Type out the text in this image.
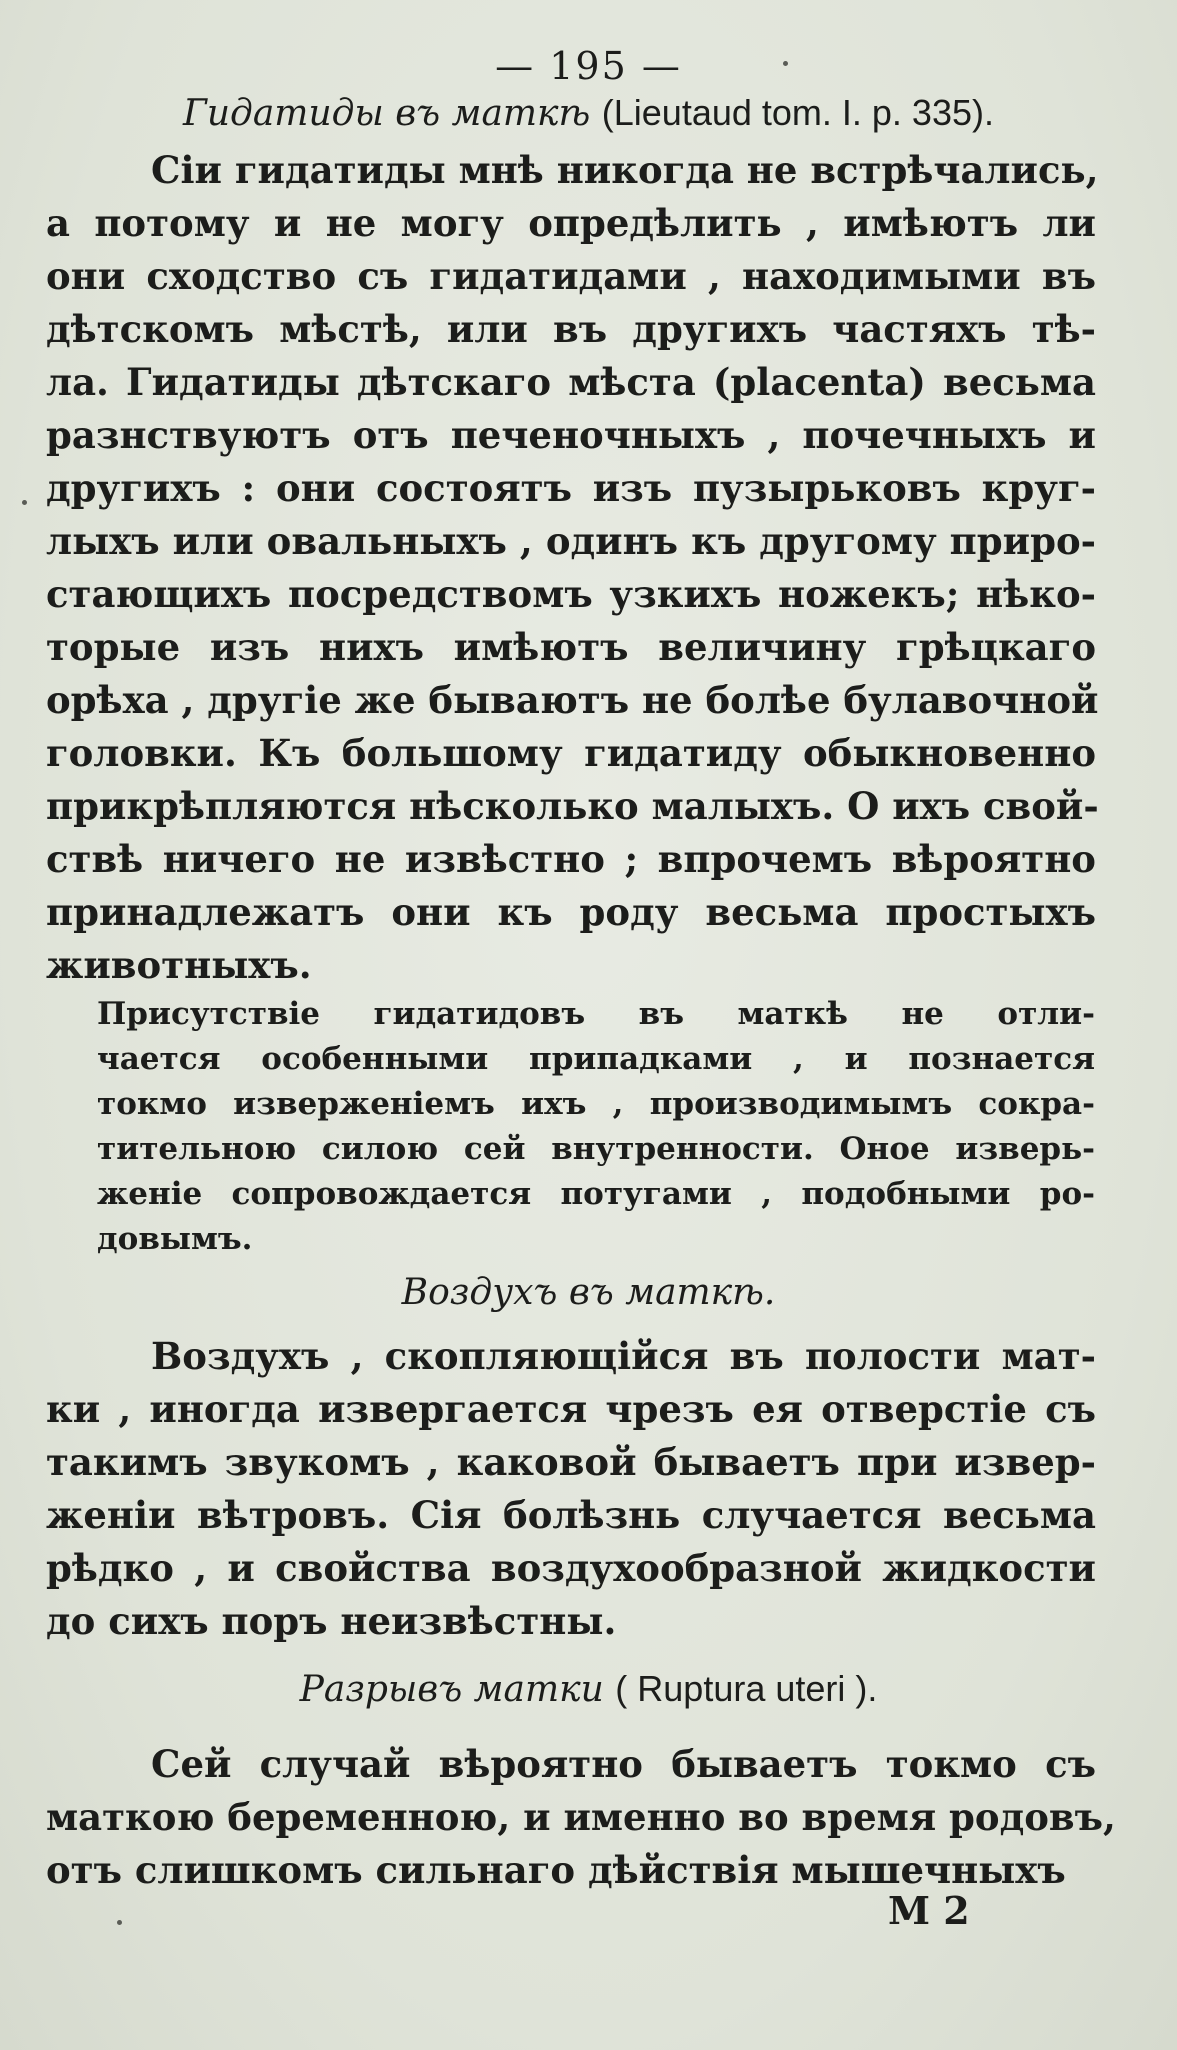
— 195 —
Гидатиды въ маткѣ (Lieutaud tom. I. p. 335).
Сіи гидатиды мнѣ никогда не встрѣчались,
а потому и не могу опредѣлить , имѣютъ ли
они сходство съ гидатидами , находимыми въ
дѣтскомъ мѣстѣ, или въ другихъ частяхъ тѣ-
ла. Гидатиды дѣтскаго мѣста (placenta) весьма
разнствуютъ отъ печеночныхъ , почечныхъ и
другихъ : они состоятъ изъ пузырьковъ круг-
лыхъ или овальныхъ , одинъ къ другому приро-
стающихъ посредствомъ узкихъ ножекъ; нѣко-
торые изъ нихъ имѣютъ величину грѣцкаго
орѣха , другіе же бываютъ не болѣе булавочной
головки. Къ большому гидатиду обыкновенно
прикрѣпляются нѣсколько малыхъ. О ихъ свой-
ствѣ ничего не извѣстно ; впрочемъ вѣроятно
принадлежатъ они къ роду весьма простыхъ
животныхъ.
Присутствіе гидатидовъ въ маткѣ не отли-
чается особенными припадками , и познается
токмо изверженіемъ ихъ , производимымъ сокра-
тительною силою сей внутренности. Оное изверь-
женіе сопровождается потугами , подобными ро-
довымъ.
Воздухъ въ маткѣ.
Воздухъ , скопляющійся въ полости мат-
ки , иногда извергается чрезъ ея отверстіе съ
такимъ звукомъ , каковой бываетъ при извер-
женіи вѣтровъ. Сія болѣзнь случается весьма
рѣдко , и свойства воздухообразной жидкости
до сихъ поръ неизвѣстны.
Разрывъ матки ( Ruptura uteri ).
Сей случай вѣроятно бываетъ токмо съ
маткою беременною, и именно во время родовъ,
отъ слишкомъ сильнаго дѣйствія мышечныхъ
M 2
